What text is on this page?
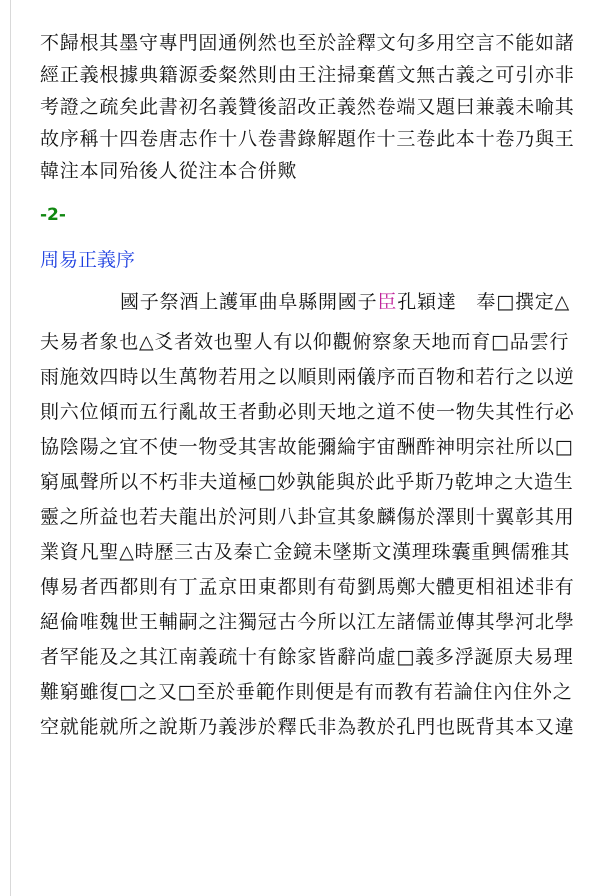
不歸根其墨守專門固通例然也至於詮釋文句多用空言不能如諸
經正義根據典籍源委粲然則由王注掃棄舊文無古義之可引亦非
考證之疏矣此書初名義贊後詔改正義然卷端又題曰兼義未喻其
故序稱十四卷唐志作十八卷書錄解題作十三卷此本十卷乃與王
韓注本同殆後人從注本合併歟
-2-
周易正義序
國子祭酒上護軍曲阜縣開國子臣孔穎達　奉□撰定△
夫易者象也△爻者效也聖人有以仰觀俯察象天地而育□品雲行
雨施效四時以生萬物若用之以順則兩儀序而百物和若行之以逆
則六位傾而五行亂故王者動必則天地之道不使一物失其性行必
協陰陽之宜不使一物受其害故能彌綸宇宙酬酢神明宗社所以□
窮風聲所以不朽非夫道極□妙孰能與於此乎斯乃乾坤之大造生
靈之所益也若夫龍出於河則八卦宣其象麟傷於澤則十翼彰其用
業資凡聖△時歷三古及秦亡金鏡未墜斯文漢理珠囊重興儒雅其
傳易者西都則有丁孟京田東都則有荀劉馬鄭大體更相祖述非有
絕倫唯魏世王輔嗣之注獨冠古今所以江左諸儒並傳其學河北學
者罕能及之其江南義疏十有餘家皆辭尚虛□義多浮誕原夫易理
難窮雖復□之又□至於垂範作則便是有而教有若論住內住外之
空就能就所之說斯乃義涉於釋氏非為教於孔門也既背其本又違
